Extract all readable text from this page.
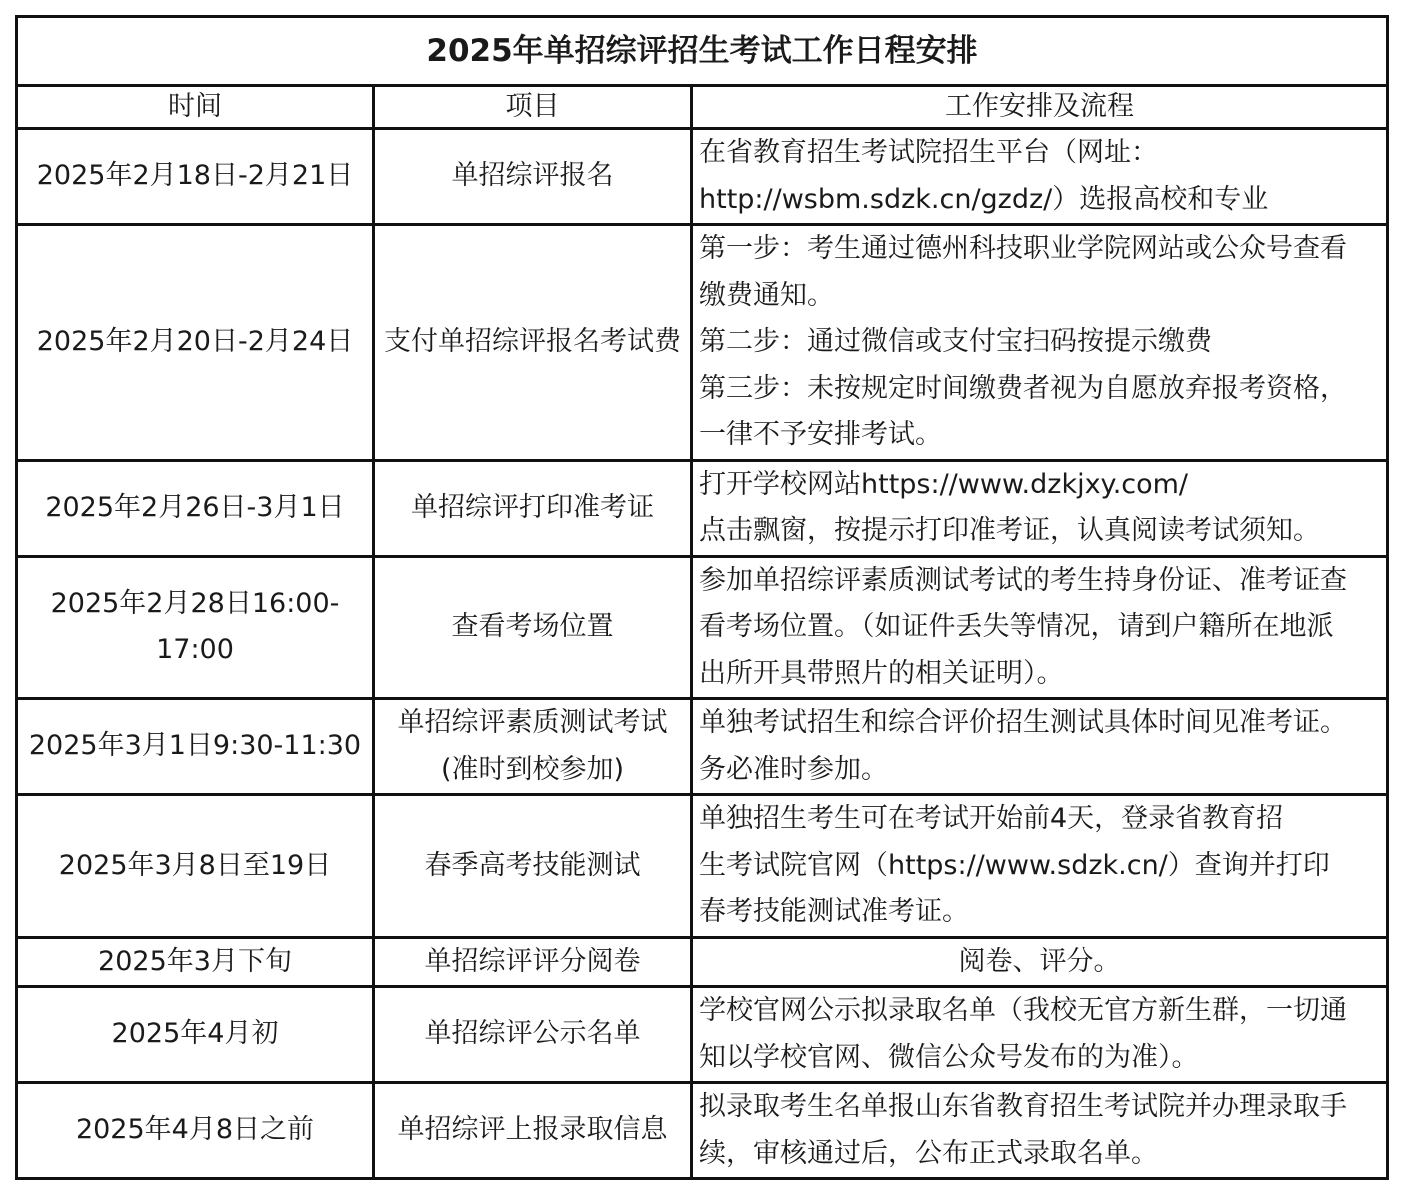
2025年单招综评招生考试工作日程安排		
时间	项目	工作安排及流程
2025年2月18日-2月21日	单招综评报名	在省教育招生考试院招生平台（网址：
http://wsbm.sdzk.cn/gzdz/）选报高校和专业

2025年2月20日-2月24日	支付单招综评报名考试费	第一步：考生通过德州科技职业学院网站或公众号查看
缴费通知。
第二步：通过微信或支付宝扫码按提示缴费
第三步：未按规定时间缴费者视为自愿放弃报考资格，
一律不予安排考试。

2025年2月26日-3月1日	单招综评打印准考证	打开学校网站https://www.dzkjxy.com/
点击飘窗，按提示打印准考证，认真阅读考试须知。

2025年2月28日16:00-17:00	查看考场位置	参加单招综评素质测试考试的考生持身份证、准考证查
看考场位置。（如证件丢失等情况，请到户籍所在地派
出所开具带照片的相关证明）。

2025年3月1日9:30-11:30	单招综评素质测试考试
(准时到校参加)	单独考试招生和综合评价招生测试具体时间见准考证。
务必准时参加。

2025年3月8日至19日	春季高考技能测试	单独招生考生可在考试开始前4天，登录省教育招
生考试院官网（https://www.sdzk.cn/）查询并打印
春考技能测试准考证。

2025年3月下旬	单招综评评分阅卷	阅卷、评分。

2025年4月初	单招综评公示名单	学校官网公示拟录取名单（我校无官方新生群，一切通
知以学校官网、微信公众号发布的为准）。

2025年4月8日之前	单招综评上报录取信息	拟录取考生名单报山东省教育招生考试院并办理录取手
续，审核通过后，公布正式录取名单。
